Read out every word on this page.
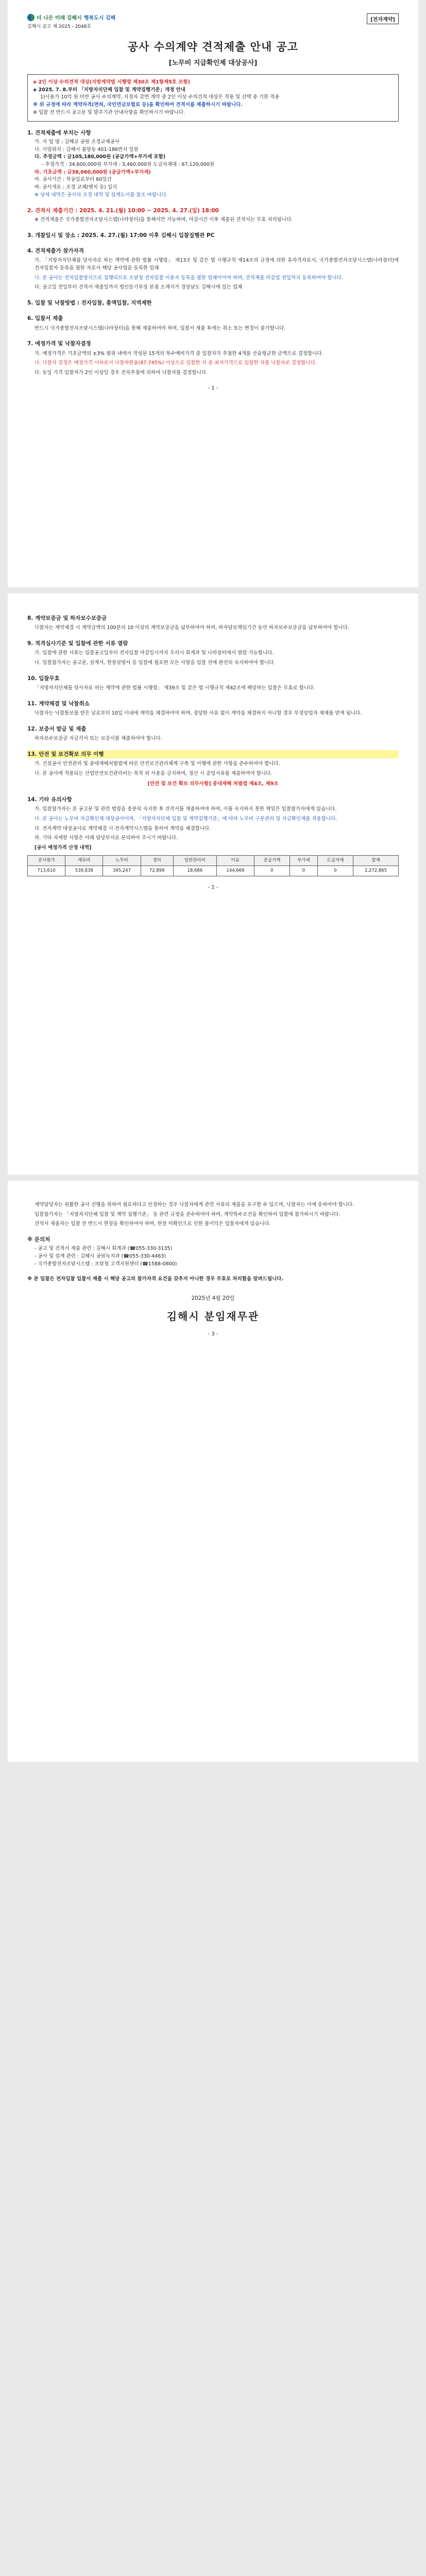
더 나은 미래 김해시 행복도시 김해
김해시 공고 제 2025 - 2048호
[전자계약]
공사 수의계약 견적제출 안내 공고
[노무비 지급확인제 대상공사]
◈ 2인 이상 수의견적 대상(지방계약법 시행령 제30조 제1항제5호 조항)
◈ 2025. 7. 8.부터 「지방자치단체 입찰 및 계약집행기준」개정 안내
1)사용가 10억 원 미만 공사 수의계약, 지정자 감면 계약 중 2인 이상 수의견적 대상은 적용 및 선택 중 기한 적용
※ 위 규정에 따라 계약자격(면허, 국민연금보험료 등)을 확인하여 견적서를 제출하시기 바랍니다.
※ 입찰 전 반드시 공고문 및 발주기관 안내사항을 확인하시기 바랍니다.
1. 견적제출에 부치는 사항
가. 사 업 명 : 김해교 공원 조경교체공사
나. 사업위치 : 김해시 불암동 401-186번지 일원
다. 추정금액 : 금105,180,000원 (공급가액+부가세 포함)
- 추정가격 : 34,600,000원 부가세 : 3,460,000원 도급자재대 : 67,120,000원
라. 기초금액 : 금38,060,000원 (공급가액+부가세)
마. 공사기간 : 착공일로부터 60일간
바. 공사개요 : 조경 교체(벤치 등) 일식
※ 상세 내역은 공사의 조경 내역 및 설계도서를 참조 바랍니다.
2. 견적서 제출기간 : 2025. 4. 21.(월) 10:00 ~ 2025. 4. 27.(일) 18:00
※ 견적제출은 국가종합전자조달시스템(나라장터)을 통해서만 가능하며, 마감시간 이후 제출된 견적서는 무효 처리됩니다.
3. 개찰일시 및 장소 : 2025. 4. 27.(월) 17:00 이후 김해시 입찰집행관 PC
4. 견적제출가 참가자격
가. 「지방자치단체를 당사자로 하는 계약에 관한 법률 시행령」 제13조 및 같은 법 시행규칙 제14조의 규정에 의한 유자격자로서, 국가종합전자조달시스템(나라장터)에 전자입찰자 등록을 필한 자로서 해당 공사업을 등록한 업체
나. 본 공사는 전자입찰방식으로 집행되므로 조달청 전자입찰 이용자 등록을 필한 업체이어야 하며, 견적제출 마감일 전일까지 등록하여야 합니다.
다. 공고일 전일부터 견적서 제출일까지 법인등기부상 본점 소재지가 경상남도 김해시에 있는 업체
5. 입찰 및 낙찰방법 : 전자입찰, 총액입찰, 지역제한
6. 입찰서 제출
반드시 국가종합전자조달시스템(나라장터)을 통해 제출하여야 하며, 입찰서 제출 후에는 취소 또는 변경이 불가합니다.
7. 예정가격 및 낙찰자결정
가. 예정가격은 기초금액의 ±3% 범위 내에서 작성된 15개의 복수예비가격 중 입찰자가 추첨한 4개를 산술평균한 금액으로 결정합니다.
나. 낙찰자 결정은 예정가격 이하로서 낙찰하한율(87.745%) 이상으로 입찰한 자 중 최저가격으로 입찰한 자를 낙찰자로 결정합니다.
다. 동일 가격 입찰자가 2인 이상일 경우 전자추첨에 의하여 낙찰자를 결정합니다.
- 1 -
8. 계약보증금 및 하자보수보증금
낙찰자는 계약체결 시 계약금액의 100분의 10 이상의 계약보증금을 납부하여야 하며, 하자담보책임기간 동안 하자보수보증금을 납부하여야 합니다.
9. 적격심사기준 및 입찰에 관한 서류 열람
가. 입찰에 관한 서류는 입찰공고일부터 전자입찰 마감일시까지 우리시 회계과 및 나라장터에서 열람 가능합니다.
나. 입찰참가자는 공고문, 설계서, 현장설명서 등 입찰에 필요한 모든 사항을 입찰 전에 완전히 숙지하여야 합니다.
10. 입찰무효
「지방자치단체를 당사자로 하는 계약에 관한 법률 시행령」 제39조 및 같은 법 시행규칙 제42조에 해당하는 입찰은 무효로 합니다.
11. 계약체결 및 낙찰취소
낙찰자는 낙찰통보를 받은 날로부터 10일 이내에 계약을 체결하여야 하며, 정당한 사유 없이 계약을 체결하지 아니할 경우 부정당업자 제재를 받게 됩니다.
12. 보증서 발급 및 제출
하자보수보증금 지급각서 또는 보증서를 제출하여야 합니다.
13. 안전 및 보건확보 의무 이행
가. 건설공사 안전관리 및 중대재해처벌법에 따른 안전보건관리체계 구축 및 이행에 관한 사항을 준수하여야 합니다.
나. 본 공사에 적용되는 산업안전보건관리비는 목적 외 사용을 금지하며, 정산 시 증빙서류를 제출하여야 합니다.
[안전 및 보건 확보 의무사항] 중대재해 처벌법 제4조, 제9조
14. 기타 유의사항
가. 입찰참가자는 본 공고문 및 관련 법령을 충분히 숙지한 후 견적서를 제출하여야 하며, 이를 숙지하지 못한 책임은 입찰참가자에게 있습니다.
나. 본 공사는 노무비 지급확인제 대상공사이며, 「지방자치단체 입찰 및 계약집행기준」에 따라 노무비 구분관리 및 지급확인제를 적용합니다.
다. 전자계약 대상공사로 계약체결 시 전자계약시스템을 통하여 계약을 체결합니다.
라. 기타 자세한 사항은 아래 담당부서로 문의하여 주시기 바랍니다.
[공사 예정가격 산정 내역]
공사원가	재료비	노무비	경비	일반관리비	이윤	공급가액	부가세	도급자재	합계
713,610	539,838	395,247	72,899	18,686	144,669	0	0	0	2,272,865
- 2 -
계약담당자는 원활한 공사 진행을 위하여 필요하다고 인정하는 경우 낙찰자에게 관련 서류의 제출을 요구할 수 있으며, 낙찰자는 이에 응하여야 합니다.
입찰참가자는 「지방자치단체 입찰 및 계약 집행기준」 등 관련 규정을 준수하여야 하며, 계약특수조건을 확인하여 입찰에 참가하시기 바랍니다.
견적서 제출자는 입찰 전 반드시 현장을 확인하여야 하며, 현장 미확인으로 인한 불이익은 입찰자에게 있습니다.
※ 문의처
- 공고 및 견적서 제출 관련 : 김해시 회계과 (☎055-330-3135)
- 공사 및 설계 관련 : 김해시 공원녹지과 (☎055-330-4463)
- 국가종합전자조달시스템 : 조달청 고객지원센터 (☎1588-0800)
※ 본 입찰은 전자입찰 입찰서 제출 시 해당 공고의 참가자격 요건을 갖추지 아니한 경우 무효로 처리함을 알려드립니다.
2025년 4월 20일
김해시 분임재무관
- 3 -
